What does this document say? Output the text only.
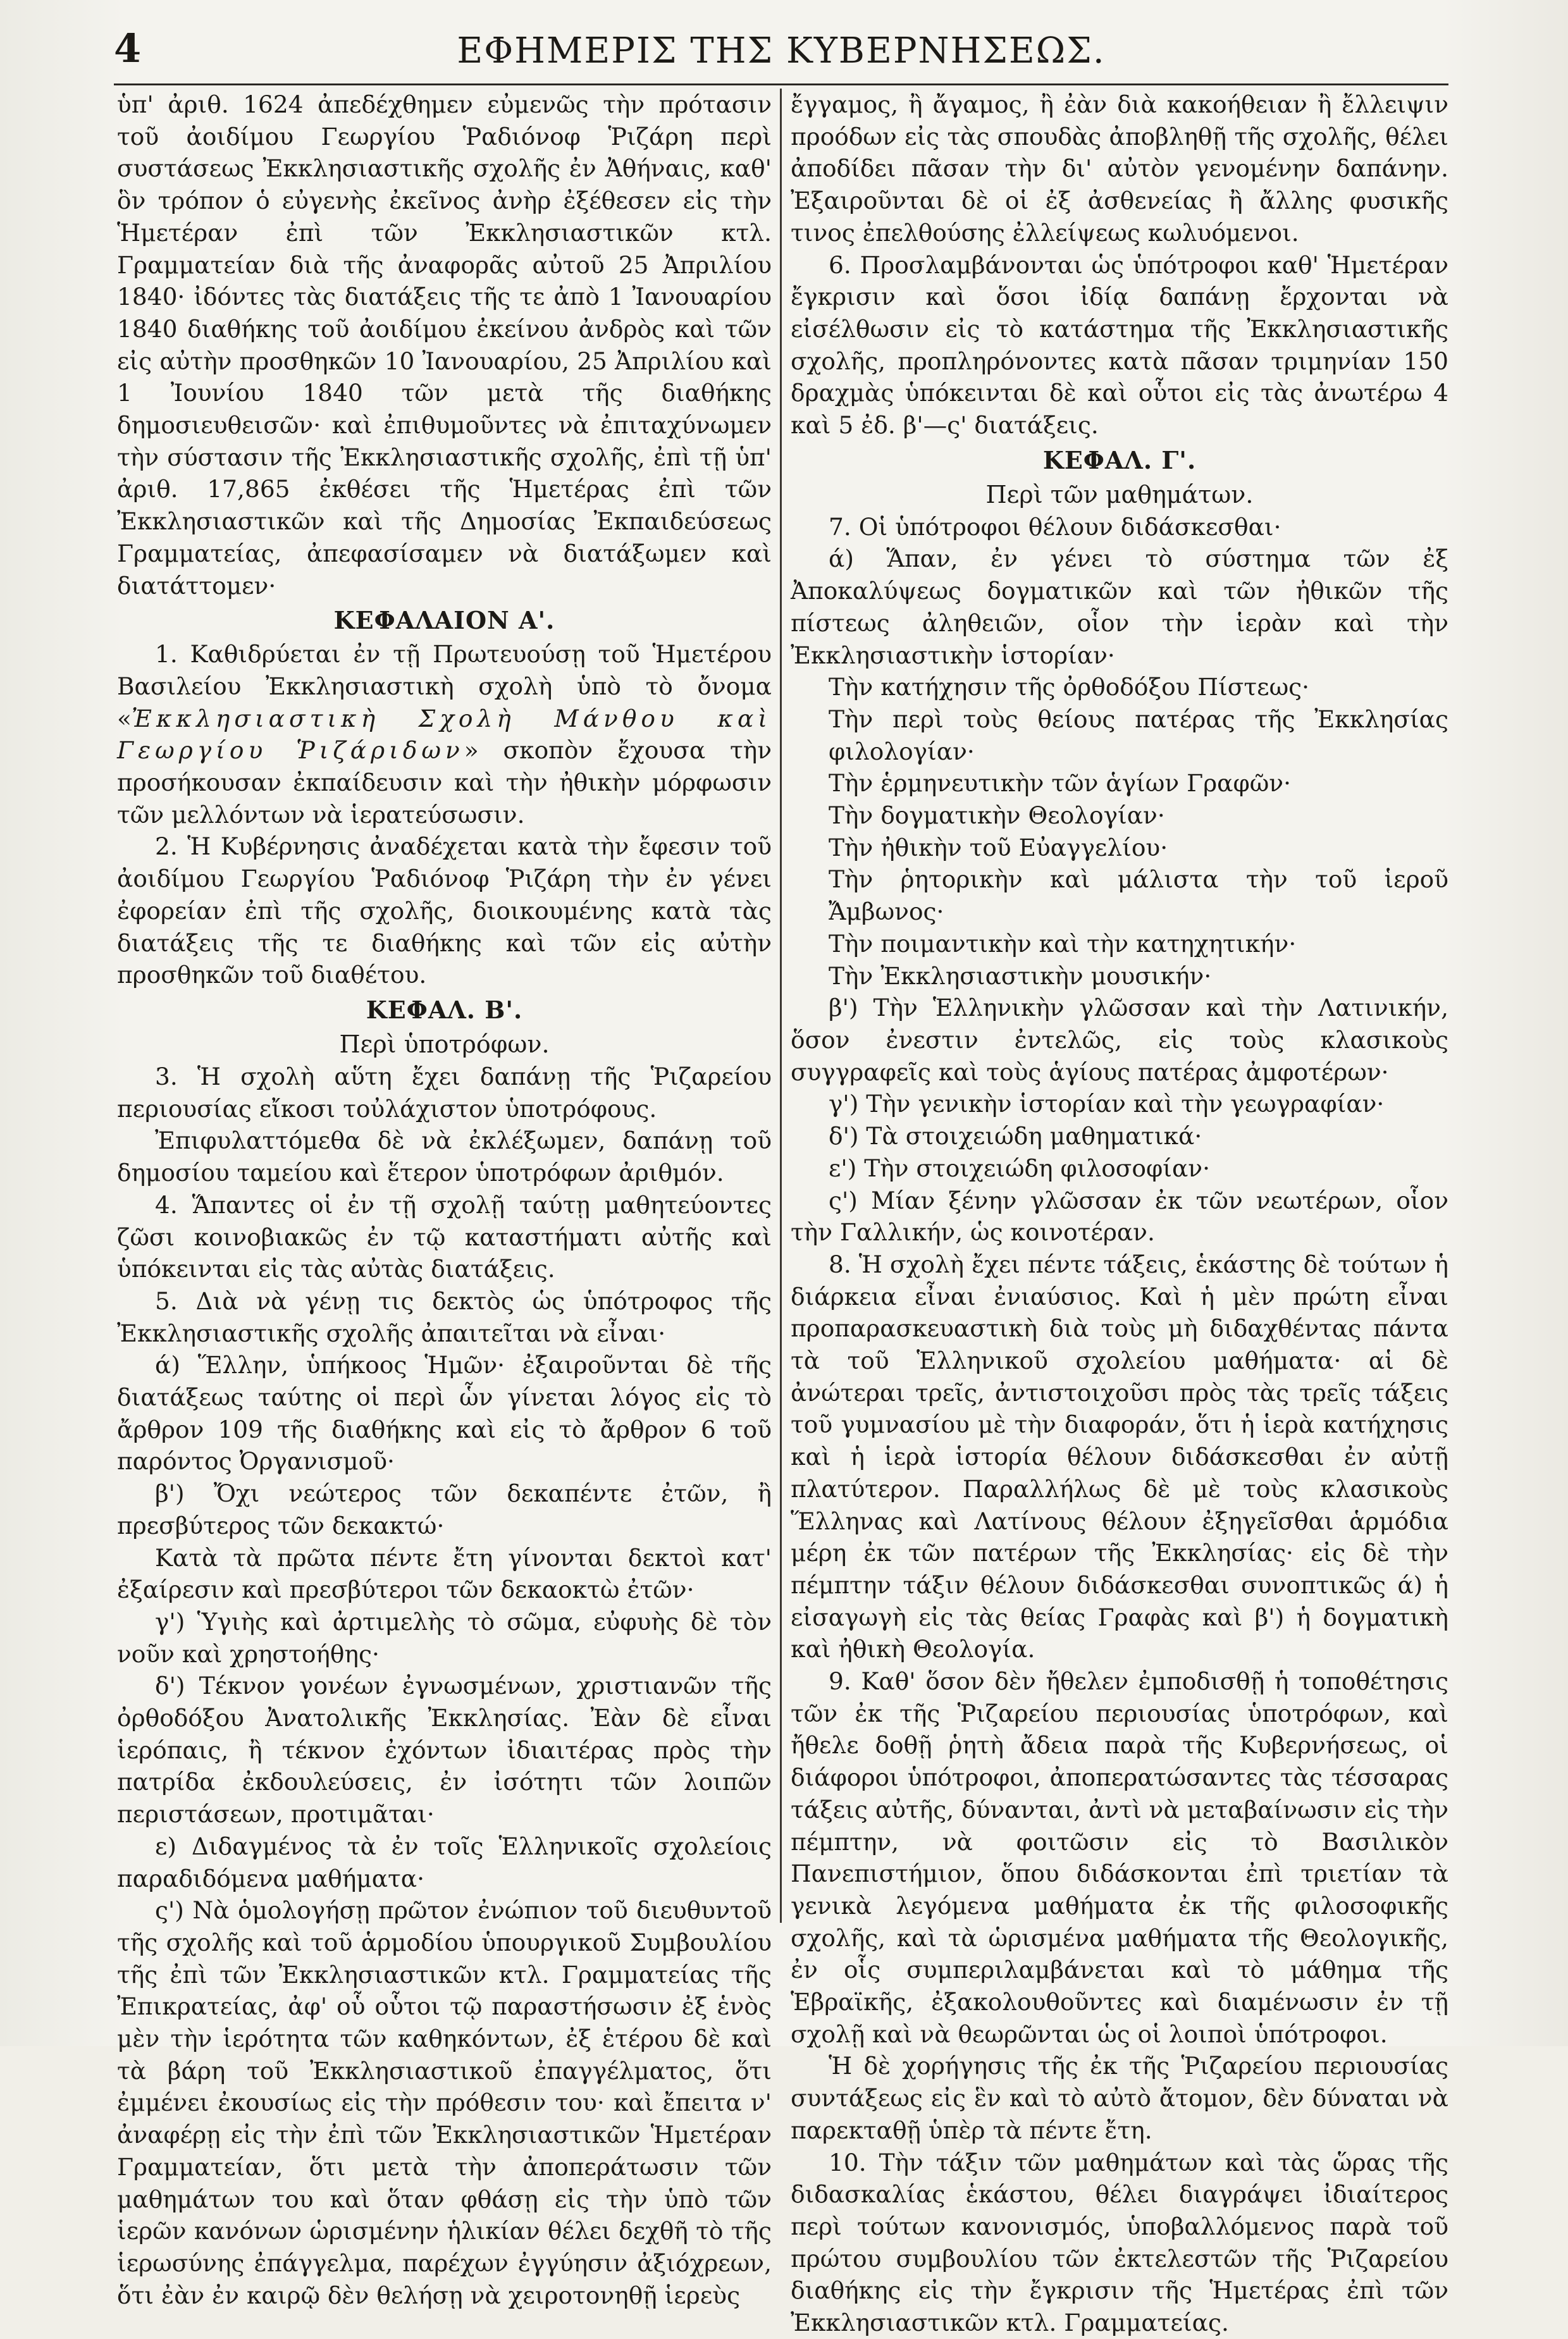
4	ΕΦΗΜΕΡΙΣ ΤΗΣ ΚΥΒΕΡΝΗΣΕΩΣ.

ὑπ' ἀριθ. 1624 ἀπεδέχθημεν εὐμενῶς τὴν πρότασιν τοῦ ἀοιδίμου Γεωργίου Ῥαδιόνοφ Ῥιζάρη περὶ συστάσεως Ἐκκλησιαστικῆς σχολῆς ἐν Ἀθήναις, καθ' ὃν τρόπον ὁ εὐγενὴς ἐκεῖνος ἀνὴρ ἐξέθεσεν εἰς τὴν Ἡμετέραν ἐπὶ τῶν Ἐκκλησιαστικῶν κτλ. Γραμματείαν διὰ τῆς ἀναφορᾶς αὐτοῦ 25 Ἀπριλίου 1840· ἰδόντες τὰς διατάξεις τῆς τε ἀπὸ 1 Ἰανουαρίου 1840 διαθήκης τοῦ ἀοιδίμου ἐκείνου ἀνδρὸς καὶ τῶν εἰς αὐτὴν προσθηκῶν 10 Ἰανουαρίου, 25 Ἀπριλίου καὶ 1 Ἰουνίου 1840 τῶν μετὰ τῆς διαθήκης δημοσιευθεισῶν· καὶ ἐπιθυμοῦντες νὰ ἐπιταχύνωμεν τὴν σύστασιν τῆς Ἐκκλησιαστικῆς σχολῆς, ἐπὶ τῇ ὑπ' ἀριθ. 17,865 ἐκθέσει τῆς Ἡμετέρας ἐπὶ τῶν Ἐκκλησιαστικῶν καὶ τῆς Δημοσίας Ἐκπαιδεύσεως Γραμματείας, ἀπεφασίσαμεν νὰ διατάξωμεν καὶ διατάττομεν·

ΚΕΦΑΛΑΙΟΝ Α'.

1. Καθιδρύεται ἐν τῇ Πρωτευούσῃ τοῦ Ἡμετέρου Βασιλείου Ἐκκλησιαστικὴ σχολὴ ὑπὸ τὸ ὄνομα «Ἐκκλησιαστικὴ Σχολὴ Μάνθου καὶ Γεωργίου Ῥιζάριδων» σκοπὸν ἔχουσα τὴν προσήκουσαν ἐκπαίδευσιν καὶ τὴν ἠθικὴν μόρφωσιν τῶν μελλόντων νὰ ἱερατεύσωσιν.

2. Ἡ Κυβέρνησις ἀναδέχεται κατὰ τὴν ἔφεσιν τοῦ ἀοιδίμου Γεωργίου Ῥαδιόνοφ Ῥιζάρη τὴν ἐν γένει ἐφορείαν ἐπὶ τῆς σχολῆς, διοικουμένης κατὰ τὰς διατάξεις τῆς τε διαθήκης καὶ τῶν εἰς αὐτὴν προσθηκῶν τοῦ διαθέτου.

ΚΕΦΑΛ. Β'.
Περὶ ὑποτρόφων.

3. Ἡ σχολὴ αὕτη ἔχει δαπάνῃ τῆς Ῥιζαρείου περιουσίας εἴκοσι τοὐλάχιστον ὑποτρόφους.

Ἐπιφυλαττόμεθα δὲ νὰ ἐκλέξωμεν, δαπάνῃ τοῦ δημοσίου ταμείου καὶ ἕτερον ὑποτρόφων ἀριθμόν.

4. Ἅπαντες οἱ ἐν τῇ σχολῇ ταύτῃ μαθητεύοντες ζῶσι κοινοβιακῶς ἐν τῷ καταστήματι αὐτῆς καὶ ὑπόκεινται εἰς τὰς αὐτὰς διατάξεις.

5. Διὰ νὰ γένῃ τις δεκτὸς ὡς ὑπότροφος τῆς Ἐκκλησιαστικῆς σχολῆς ἀπαιτεῖται νὰ εἶναι·

ά) Ἕλλην, ὑπήκοος Ἡμῶν· ἐξαιροῦνται δὲ τῆς διατάξεως ταύτης οἱ περὶ ὧν γίνεται λόγος εἰς τὸ ἄρθρον 109 τῆς διαθήκης καὶ εἰς τὸ ἄρθρον 6 τοῦ παρόντος Ὀργανισμοῦ·

β') Ὄχι νεώτερος τῶν δεκαπέντε ἐτῶν, ἢ πρεσβύτερος τῶν δεκακτώ·

Κατὰ τὰ πρῶτα πέντε ἔτη γίνονται δεκτοὶ κατ' ἐξαίρεσιν καὶ πρεσβύτεροι τῶν δεκαοκτὼ ἐτῶν·

γ') Ὑγιὴς καὶ ἀρτιμελὴς τὸ σῶμα, εὐφυὴς δὲ τὸν νοῦν καὶ χρηστοήθης·

δ') Τέκνον γονέων ἐγνωσμένων, χριστιανῶν τῆς ὀρθοδόξου Ἀνατολικῆς Ἐκκλησίας. Ἐὰν δὲ εἶναι ἱερόπαις, ἢ τέκνον ἐχόντων ἰδιαιτέρας πρὸς τὴν πατρίδα ἐκδουλεύσεις, ἐν ἰσότητι τῶν λοιπῶν περιστάσεων, προτιμᾶται·

ε) Διδαγμένος τὰ ἐν τοῖς Ἑλληνικοῖς σχολείοις παραδιδόμενα μαθήματα·

ς') Νὰ ὁμολογήσῃ πρῶτον ἐνώπιον τοῦ διευθυντοῦ τῆς σχολῆς καὶ τοῦ ἁρμοδίου ὑπουργικοῦ Συμβουλίου τῆς ἐπὶ τῶν Ἐκκλησιαστικῶν κτλ. Γραμματείας τῆς Ἐπικρατείας, ἀφ' οὗ οὗτοι τῷ παραστήσωσιν ἐξ ἑνὸς μὲν τὴν ἱερότητα τῶν καθηκόντων, ἐξ ἑτέρου δὲ καὶ τὰ βάρη τοῦ Ἐκκλησιαστικοῦ ἐπαγγέλματος, ὅτι ἐμμένει ἐκουσίως εἰς τὴν πρόθεσιν του· καὶ ἔπειτα ν' ἀναφέρῃ εἰς τὴν ἐπὶ τῶν Ἐκκλησιαστικῶν Ἡμετέραν Γραμματείαν, ὅτι μετὰ τὴν ἀποπεράτωσιν τῶν μαθημάτων του καὶ ὅταν φθάσῃ εἰς τὴν ὑπὸ τῶν ἱερῶν κανόνων ὡρισμένην ἡλικίαν θέλει δεχθῆ τὸ τῆς ἱερωσύνης ἐπάγγελμα, παρέχων ἐγγύησιν ἀξιόχρεων, ὅτι ἐὰν ἐν καιρῷ δὲν θελήσῃ νὰ χειροτονηθῇ ἱερεὺς

ἔγγαμος, ἢ ἄγαμος, ἢ ἐὰν διὰ κακοήθειαν ἢ ἔλλειψιν προόδων εἰς τὰς σπουδὰς ἀποβληθῇ τῆς σχολῆς, θέλει ἀποδίδει πᾶσαν τὴν δι' αὐτὸν γενομένην δαπάνην. Ἐξαιροῦνται δὲ οἱ ἐξ ἀσθενείας ἢ ἄλλης φυσικῆς τινος ἐπελθούσης ἐλλείψεως κωλυόμενοι.

6. Προσλαμβάνονται ὡς ὑπότροφοι καθ' Ἡμετέραν ἔγκρισιν καὶ ὅσοι ἰδίᾳ δαπάνῃ ἔρχονται νὰ εἰσέλθωσιν εἰς τὸ κατάστημα τῆς Ἐκκλησιαστικῆς σχολῆς, προπληρόνοντες κατὰ πᾶσαν τριμηνίαν 150 δραχμὰς ὑπόκεινται δὲ καὶ οὗτοι εἰς τὰς ἀνωτέρω 4 καὶ 5 ἐδ. β'—ς' διατάξεις.

ΚΕΦΑΛ. Γ'.
Περὶ τῶν μαθημάτων.

7. Οἱ ὑπότροφοι θέλουν διδάσκεσθαι·

ά) Ἅπαν, ἐν γένει τὸ σύστημα τῶν ἐξ Ἀποκαλύψεως δογματικῶν καὶ τῶν ἠθικῶν τῆς πίστεως ἀληθειῶν, οἷον τὴν ἱερὰν καὶ τὴν Ἐκκλησιαστικὴν ἱστορίαν·

Τὴν κατήχησιν τῆς ὀρθοδόξου Πίστεως·

Τὴν περὶ τοὺς θείους πατέρας τῆς Ἐκκλησίας φιλολογίαν·

Τὴν ἑρμηνευτικὴν τῶν ἁγίων Γραφῶν·

Τὴν δογματικὴν Θεολογίαν·

Τὴν ἠθικὴν τοῦ Εὐαγγελίου·

Τὴν ῥητορικὴν καὶ μάλιστα τὴν τοῦ ἱεροῦ Ἄμβωνος·

Τὴν ποιμαντικὴν καὶ τὴν κατηχητικήν·

Τὴν Ἐκκλησιαστικὴν μουσικήν·

β') Τὴν Ἑλληνικὴν γλῶσσαν καὶ τὴν Λατινικήν, ὅσον ἐνεστιν ἐντελῶς, εἰς τοὺς κλασικοὺς συγγραφεῖς καὶ τοὺς ἁγίους πατέρας ἀμφοτέρων·

γ') Τὴν γενικὴν ἱστορίαν καὶ τὴν γεωγραφίαν·

δ') Τὰ στοιχειώδη μαθηματικά·

ε') Τὴν στοιχειώδη φιλοσοφίαν·

ς') Μίαν ξένην γλῶσσαν ἐκ τῶν νεωτέρων, οἷον τὴν Γαλλικήν, ὡς κοινοτέραν.

8. Ἡ σχολὴ ἔχει πέντε τάξεις, ἑκάστης δὲ τούτων ἡ διάρκεια εἶναι ἐνιαύσιος. Καὶ ἡ μὲν πρώτη εἶναι προπαρασκευαστικὴ διὰ τοὺς μὴ διδαχθέντας πάντα τὰ τοῦ Ἑλληνικοῦ σχολείου μαθήματα· αἱ δὲ ἀνώτεραι τρεῖς, ἀντιστοιχοῦσι πρὸς τὰς τρεῖς τάξεις τοῦ γυμνασίου μὲ τὴν διαφοράν, ὅτι ἡ ἱερὰ κατήχησις καὶ ἡ ἱερὰ ἱστορία θέλουν διδάσκεσθαι ἐν αὐτῇ πλατύτερον. Παραλλήλως δὲ μὲ τοὺς κλασικοὺς Ἕλληνας καὶ Λατίνους θέλουν ἐξηγεῖσθαι ἁρμόδια μέρη ἐκ τῶν πατέρων τῆς Ἐκκλησίας· εἰς δὲ τὴν πέμπτην τάξιν θέλουν διδάσκεσθαι συνοπτικῶς ά) ἡ εἰσαγωγὴ εἰς τὰς θείας Γραφὰς καὶ β') ἡ δογματικὴ καὶ ἠθικὴ Θεολογία.

9. Καθ' ὅσον δὲν ἤθελεν ἐμποδισθῇ ἡ τοποθέτησις τῶν ἐκ τῆς Ῥιζαρείου περιουσίας ὑποτρόφων, καὶ ἤθελε δοθῇ ῥητὴ ἄδεια παρὰ τῆς Κυβερνήσεως, οἱ διάφοροι ὑπότροφοι, ἀποπερατώσαντες τὰς τέσσαρας τάξεις αὐτῆς, δύνανται, ἀντὶ νὰ μεταβαίνωσιν εἰς τὴν πέμπτην, νὰ φοιτῶσιν εἰς τὸ Βασιλικὸν Πανεπιστήμιον, ὅπου διδάσκονται ἐπὶ τριετίαν τὰ γενικὰ λεγόμενα μαθήματα ἐκ τῆς φιλοσοφικῆς σχολῆς, καὶ τὰ ὡρισμένα μαθήματα τῆς Θεολογικῆς, ἐν οἷς συμπεριλαμβάνεται καὶ τὸ μάθημα τῆς Ἑβραϊκῆς, ἐξακολουθοῦντες καὶ διαμένωσιν ἐν τῇ σχολῇ καὶ νὰ θεωρῶνται ὡς οἱ λοιποὶ ὑπότροφοι.

Ἡ δὲ χορήγησις τῆς ἐκ τῆς Ῥιζαρείου περιουσίας συντάξεως εἰς ἓν καὶ τὸ αὐτὸ ἄτομον, δὲν δύναται νὰ παρεκταθῇ ὑπὲρ τὰ πέντε ἔτη.

10. Τὴν τάξιν τῶν μαθημάτων καὶ τὰς ὥρας τῆς διδασκαλίας ἑκάστου, θέλει διαγράψει ἰδιαίτερος περὶ τούτων κανονισμός, ὑποβαλλόμενος παρὰ τοῦ πρώτου συμβουλίου τῶν ἐκτελεστῶν τῆς Ῥιζαρείου διαθήκης εἰς τὴν ἔγκρισιν τῆς Ἡμετέρας ἐπὶ τῶν Ἐκκλησιαστικῶν κτλ. Γραμματείας.
